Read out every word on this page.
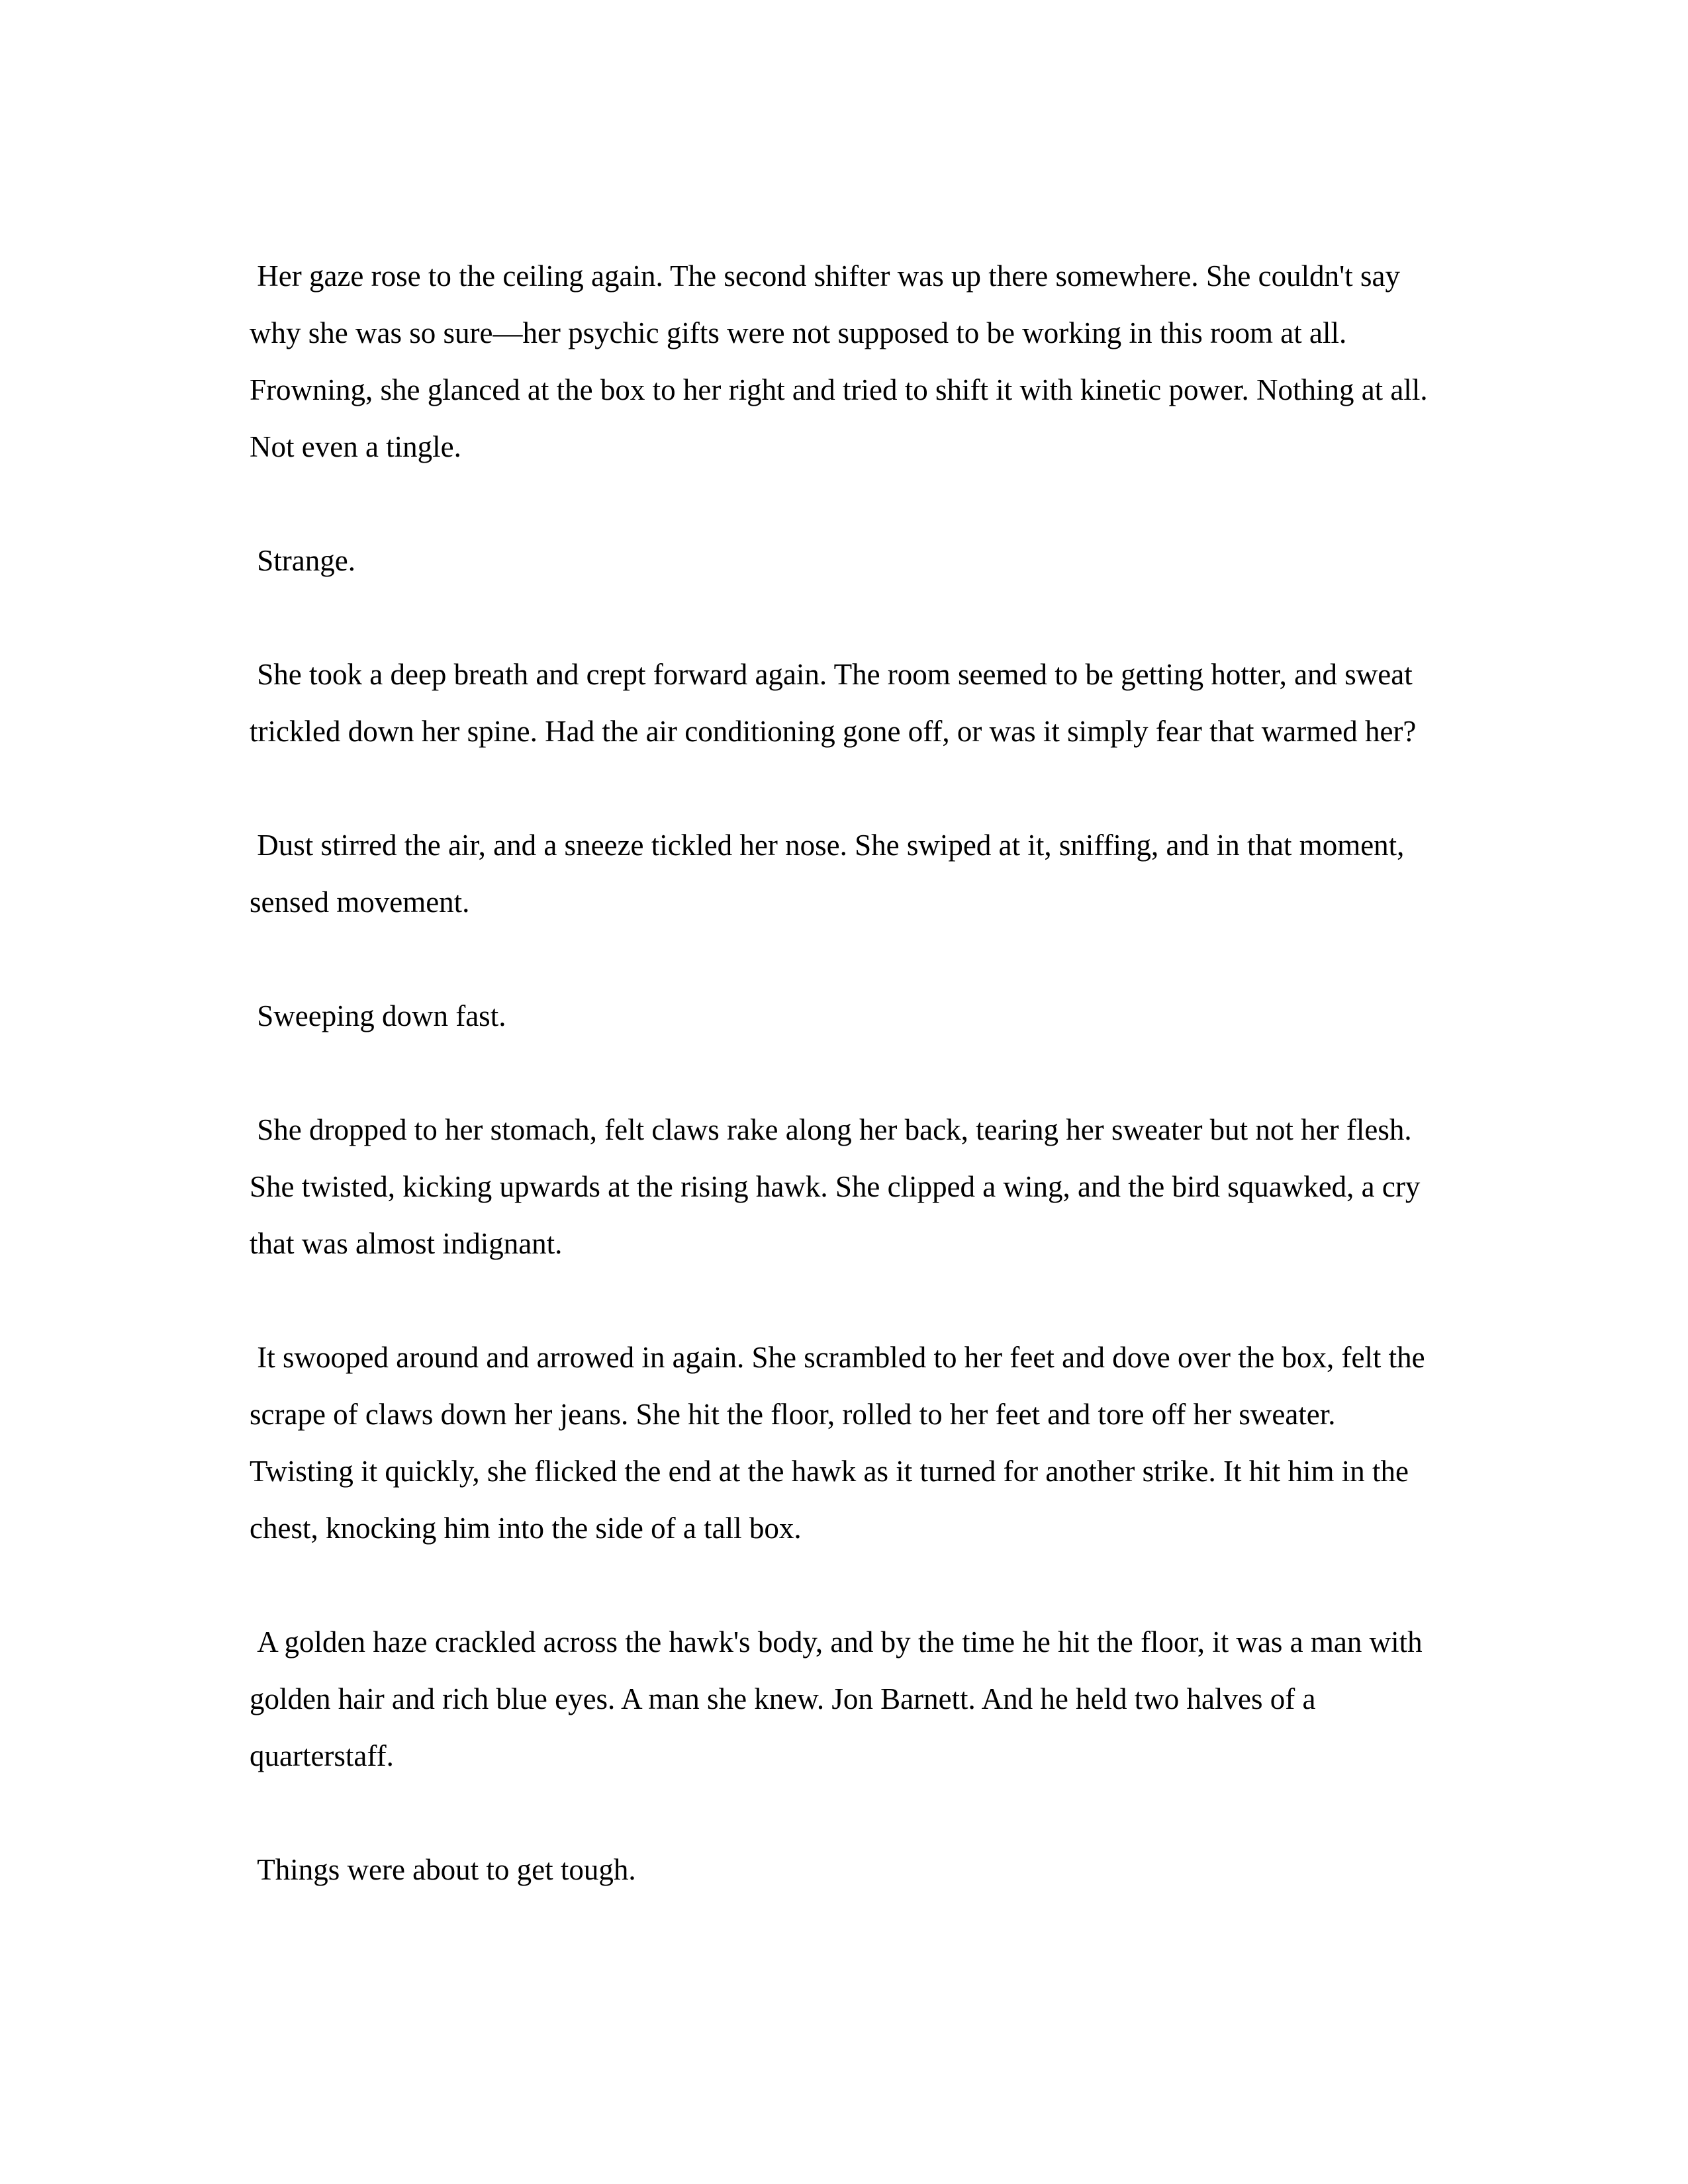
Her gaze rose to the ceiling again. The second shifter was up there somewhere. She couldn't say why she was so sure—her psychic gifts were not supposed to be working in this room at all. Frowning, she glanced at the box to her right and tried to shift it with kinetic power. Nothing at all. Not even a tingle.

Strange.

She took a deep breath and crept forward again. The room seemed to be getting hotter, and sweat trickled down her spine. Had the air conditioning gone off, or was it simply fear that warmed her?

Dust stirred the air, and a sneeze tickled her nose. She swiped at it, sniffing, and in that moment, sensed movement.

Sweeping down fast.

She dropped to her stomach, felt claws rake along her back, tearing her sweater but not her flesh. She twisted, kicking upwards at the rising hawk. She clipped a wing, and the bird squawked, a cry that was almost indignant.

It swooped around and arrowed in again. She scrambled to her feet and dove over the box, felt the scrape of claws down her jeans. She hit the floor, rolled to her feet and tore off her sweater. Twisting it quickly, she flicked the end at the hawk as it turned for another strike. It hit him in the chest, knocking him into the side of a tall box.

A golden haze crackled across the hawk's body, and by the time he hit the floor, it was a man with golden hair and rich blue eyes. A man she knew. Jon Barnett. And he held two halves of a quarterstaff.

Things were about to get tough.
